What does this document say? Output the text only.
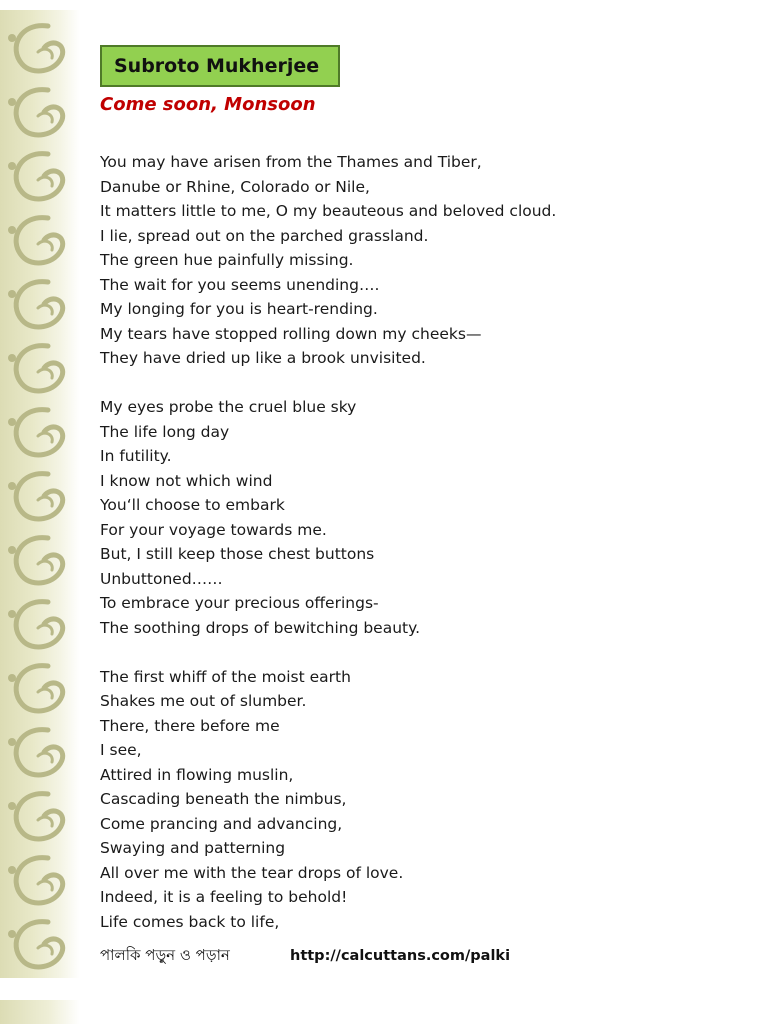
Subroto Mukherjee
Come soon, Monsoon
You may have arisen from the Thames and Tiber,
Danube or Rhine, Colorado or Nile,
It matters little to me, O my beauteous and beloved cloud.
I lie, spread out on the parched grassland.
The green hue painfully missing.
The wait for you seems unending….
My longing for you is heart-rending.
My tears have stopped rolling down my cheeks—
They have dried up like a brook unvisited.
My eyes probe the cruel blue sky
The life long day
In futility.
I know not which wind
You‘ll choose to embark
For your voyage towards me.
But, I still keep those chest buttons
Unbuttoned……
To embrace your precious offerings-
The soothing drops of bewitching beauty.
The first whiff of the moist earth
Shakes me out of slumber.
There, there before me
I see,
Attired in flowing muslin,
Cascading beneath the nimbus,
Come prancing and advancing,
Swaying and patterning
All over me with the tear drops of love.
Indeed, it is a feeling to behold!
Life comes back to life,
পালকি পড়ুন ও পড়ান	http://calcuttans.com/palki
